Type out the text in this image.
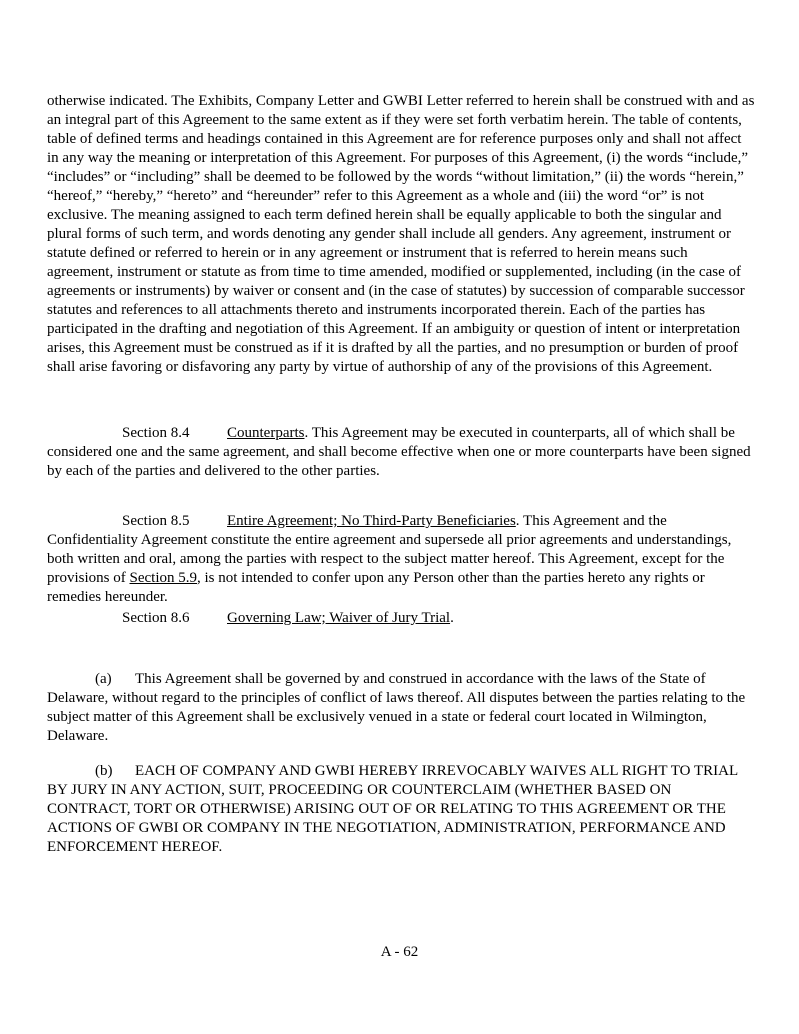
otherwise indicated. The Exhibits, Company Letter and GWBI Letter referred to herein shall be construed with and as an integral part of this Agreement to the same extent as if they were set forth verbatim herein. The table of contents, table of defined terms and headings contained in this Agreement are for reference purposes only and shall not affect in any way the meaning or interpretation of this Agreement. For purposes of this Agreement, (i) the words “include,” “includes” or “including” shall be deemed to be followed by the words “without limitation,” (ii) the words “herein,” “hereof,” “hereby,” “hereto” and “hereunder” refer to this Agreement as a whole and (iii) the word “or” is not exclusive. The meaning assigned to each term defined herein shall be equally applicable to both the singular and plural forms of such term, and words denoting any gender shall include all genders. Any agreement, instrument or statute defined or referred to herein or in any agreement or instrument that is referred to herein means such agreement, instrument or statute as from time to time amended, modified or supplemented, including (in the case of agreements or instruments) by waiver or consent and (in the case of statutes) by succession of comparable successor statutes and references to all attachments thereto and instruments incorporated therein. Each of the parties has participated in the drafting and negotiation of this Agreement. If an ambiguity or question of intent or interpretation arises, this Agreement must be construed as if it is drafted by all the parties, and no presumption or burden of proof shall arise favoring or disfavoring any party by virtue of authorship of any of the provisions of this Agreement.

Section 8.4	Counterparts. This Agreement may be executed in counterparts, all of which shall be considered one and the same agreement, and shall become effective when one or more counterparts have been signed by each of the parties and delivered to the other parties.

Section 8.5	Entire Agreement; No Third-Party Beneficiaries. This Agreement and the Confidentiality Agreement constitute the entire agreement and supersede all prior agreements and understandings, both written and oral, among the parties with respect to the subject matter hereof. This Agreement, except for the provisions of Section 5.9, is not intended to confer upon any Person other than the parties hereto any rights or remedies hereunder.

Section 8.6	Governing Law; Waiver of Jury Trial.

(a) This Agreement shall be governed by and construed in accordance with the laws of the State of Delaware, without regard to the principles of conflict of laws thereof. All disputes between the parties relating to the subject matter of this Agreement shall be exclusively venued in a state or federal court located in Wilmington, Delaware.

(b) EACH OF COMPANY AND GWBI HEREBY IRREVOCABLY WAIVES ALL RIGHT TO TRIAL BY JURY IN ANY ACTION, SUIT, PROCEEDING OR COUNTERCLAIM (WHETHER BASED ON CONTRACT, TORT OR OTHERWISE) ARISING OUT OF OR RELATING TO THIS AGREEMENT OR THE ACTIONS OF GWBI OR COMPANY IN THE NEGOTIATION, ADMINISTRATION, PERFORMANCE AND ENFORCEMENT HEREOF.

A - 62
